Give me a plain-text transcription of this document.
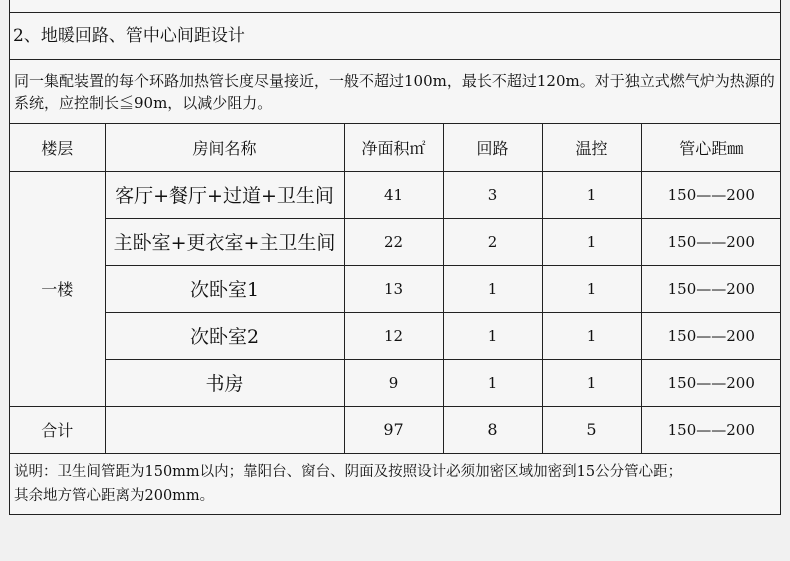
2、地暖回路、管中心间距设计
同一集配装置的每个环路加热管长度尽量接近，一般不超过100m，最长不超过120m。对于独立式燃气炉为热源的系统，应控制长≦90m，以减少阻力。
楼层	房间名称	净面积㎡	回路	温控	管心距㎜
一楼	客厅+餐厅+过道+卫生间	41	3	1	150——200
	主卧室+更衣室+主卫生间	22	2	1	150——200
	次卧室1	13	1	1	150——200
	次卧室2	12	1	1	150——200
	书房	9	1	1	150——200
合计		97	8	5	150——200
说明：卫生间管距为150mm以内；靠阳台、窗台、阴面及按照设计必须加密区域加密到15公分管心距；
其余地方管心距离为200mm。
